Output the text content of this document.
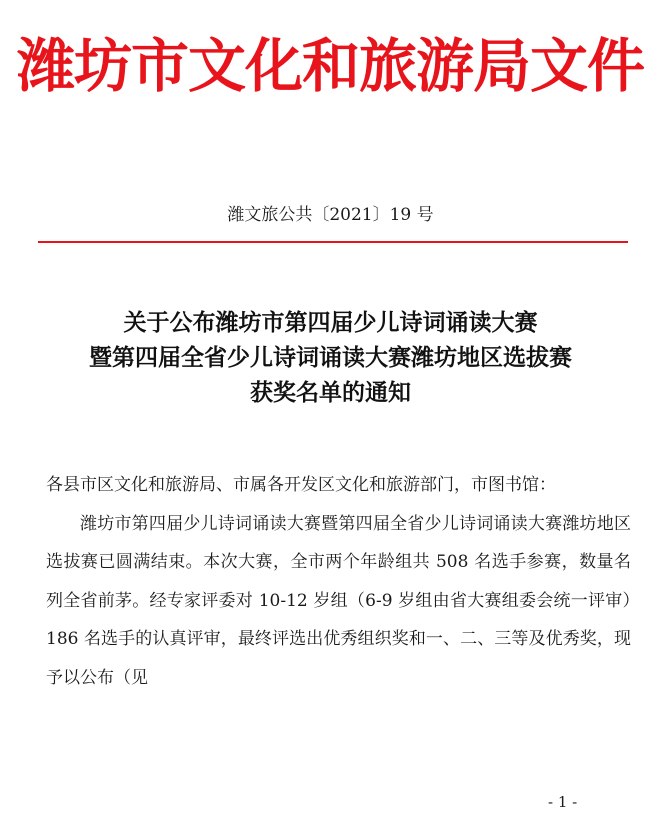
潍坊市文化和旅游局文件
潍文旅公共〔2021〕19 号
关于公布潍坊市第四届少儿诗词诵读大赛
暨第四届全省少儿诗词诵读大赛潍坊地区选拔赛
获奖名单的通知

各县市区文化和旅游局、市属各开发区文化和旅游部门，市图书馆：

潍坊市第四届少儿诗词诵读大赛暨第四届全省少儿诗词诵读大赛潍坊地区选拔赛已圆满结束。本次大赛，全市两个年龄组共 508 名选手参赛，数量名列全省前茅。经专家评委对 10-12 岁组（6-9 岁组由省大赛组委会统一评审）186 名选手的认真评审，最终评选出优秀组织奖和一、二、三等及优秀奖，现予以公布（见

- 1 -
